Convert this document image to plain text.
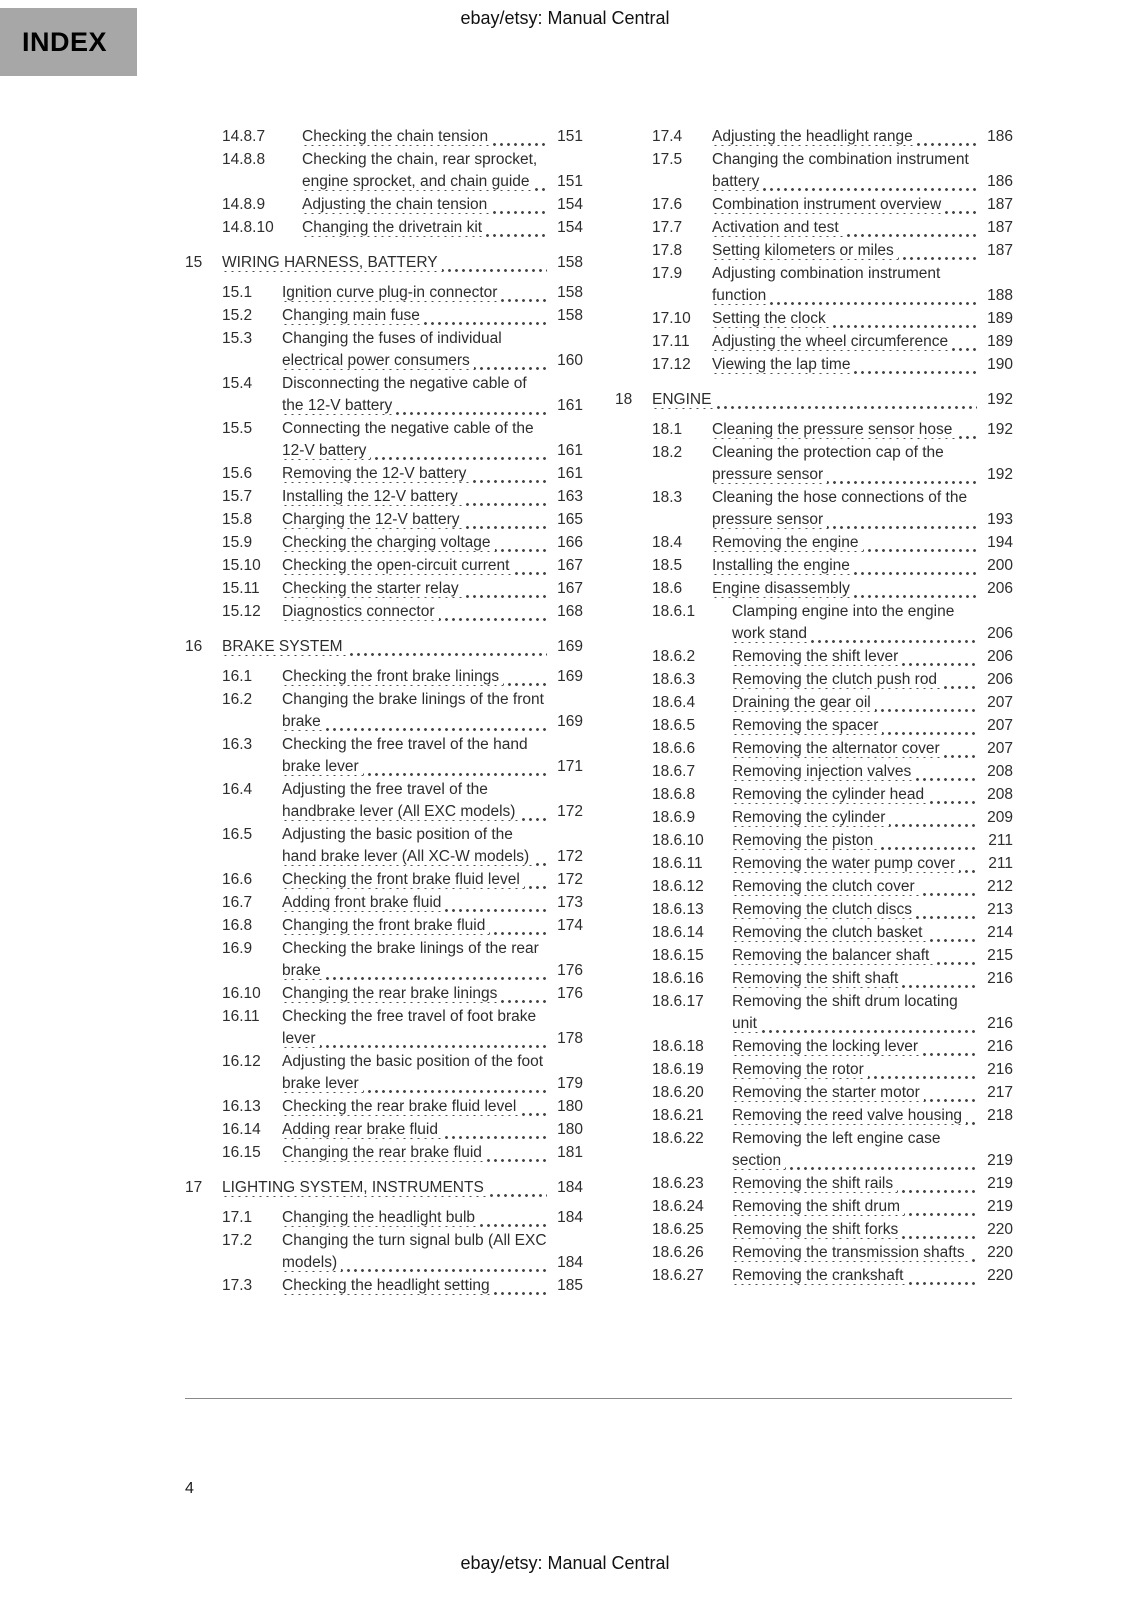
ebay/etsy: Manual Central
INDEX
14.8.7	Checking the chain tension	151
14.8.8	Checking the chain, rear sprocket, engine sprocket, and chain guide	151
14.8.9	Adjusting the chain tension	154
14.8.10	Changing the drivetrain kit	154
15	WIRING HARNESS, BATTERY	158
15.1	Ignition curve plug-in connector	158
15.2	Changing main fuse	158
15.3	Changing the fuses of individual electrical power consumers	160
15.4	Disconnecting the negative cable of the 12-V battery	161
15.5	Connecting the negative cable of the 12-V battery	161
15.6	Removing the 12-V battery	161
15.7	Installing the 12-V battery	163
15.8	Charging the 12-V battery	165
15.9	Checking the charging voltage	166
15.10	Checking the open-circuit current	167
15.11	Checking the starter relay	167
15.12	Diagnostics connector	168
16	BRAKE SYSTEM	169
16.1	Checking the front brake linings	169
16.2	Changing the brake linings of the front brake	169
16.3	Checking the free travel of the hand brake lever	171
16.4	Adjusting the free travel of the handbrake lever (All EXC models)	172
16.5	Adjusting the basic position of the hand brake lever (All XC-W models)	172
16.6	Checking the front brake fluid level	172
16.7	Adding front brake fluid	173
16.8	Changing the front brake fluid	174
16.9	Checking the brake linings of the rear brake	176
16.10	Changing the rear brake linings	176
16.11	Checking the free travel of foot brake lever	178
16.12	Adjusting the basic position of the foot brake lever	179
16.13	Checking the rear brake fluid level	180
16.14	Adding rear brake fluid	180
16.15	Changing the rear brake fluid	181
17	LIGHTING SYSTEM, INSTRUMENTS	184
17.1	Changing the headlight bulb	184
17.2	Changing the turn signal bulb (All EXC models)	184
17.3	Checking the headlight setting	185
17.4	Adjusting the headlight range	186
17.5	Changing the combination instrument battery	186
17.6	Combination instrument overview	187
17.7	Activation and test	187
17.8	Setting kilometers or miles	187
17.9	Adjusting combination instrument function	188
17.10	Setting the clock	189
17.11	Adjusting the wheel circumference	189
17.12	Viewing the lap time	190
18	ENGINE	192
18.1	Cleaning the pressure sensor hose	192
18.2	Cleaning the protection cap of the pressure sensor	192
18.3	Cleaning the hose connections of the pressure sensor	193
18.4	Removing the engine	194
18.5	Installing the engine	200
18.6	Engine disassembly	206
18.6.1	Clamping engine into the engine work stand	206
18.6.2	Removing the shift lever	206
18.6.3	Removing the clutch push rod	206
18.6.4	Draining the gear oil	207
18.6.5	Removing the spacer	207
18.6.6	Removing the alternator cover	207
18.6.7	Removing injection valves	208
18.6.8	Removing the cylinder head	208
18.6.9	Removing the cylinder	209
18.6.10	Removing the piston	211
18.6.11	Removing the water pump cover	211
18.6.12	Removing the clutch cover	212
18.6.13	Removing the clutch discs	213
18.6.14	Removing the clutch basket	214
18.6.15	Removing the balancer shaft	215
18.6.16	Removing the shift shaft	216
18.6.17	Removing the shift drum locating unit	216
18.6.18	Removing the locking lever	216
18.6.19	Removing the rotor	216
18.6.20	Removing the starter motor	217
18.6.21	Removing the reed valve housing	218
18.6.22	Removing the left engine case section	219
18.6.23	Removing the shift rails	219
18.6.24	Removing the shift drum	219
18.6.25	Removing the shift forks	220
18.6.26	Removing the transmission shafts	220
18.6.27	Removing the crankshaft	220
4
ebay/etsy: Manual Central
